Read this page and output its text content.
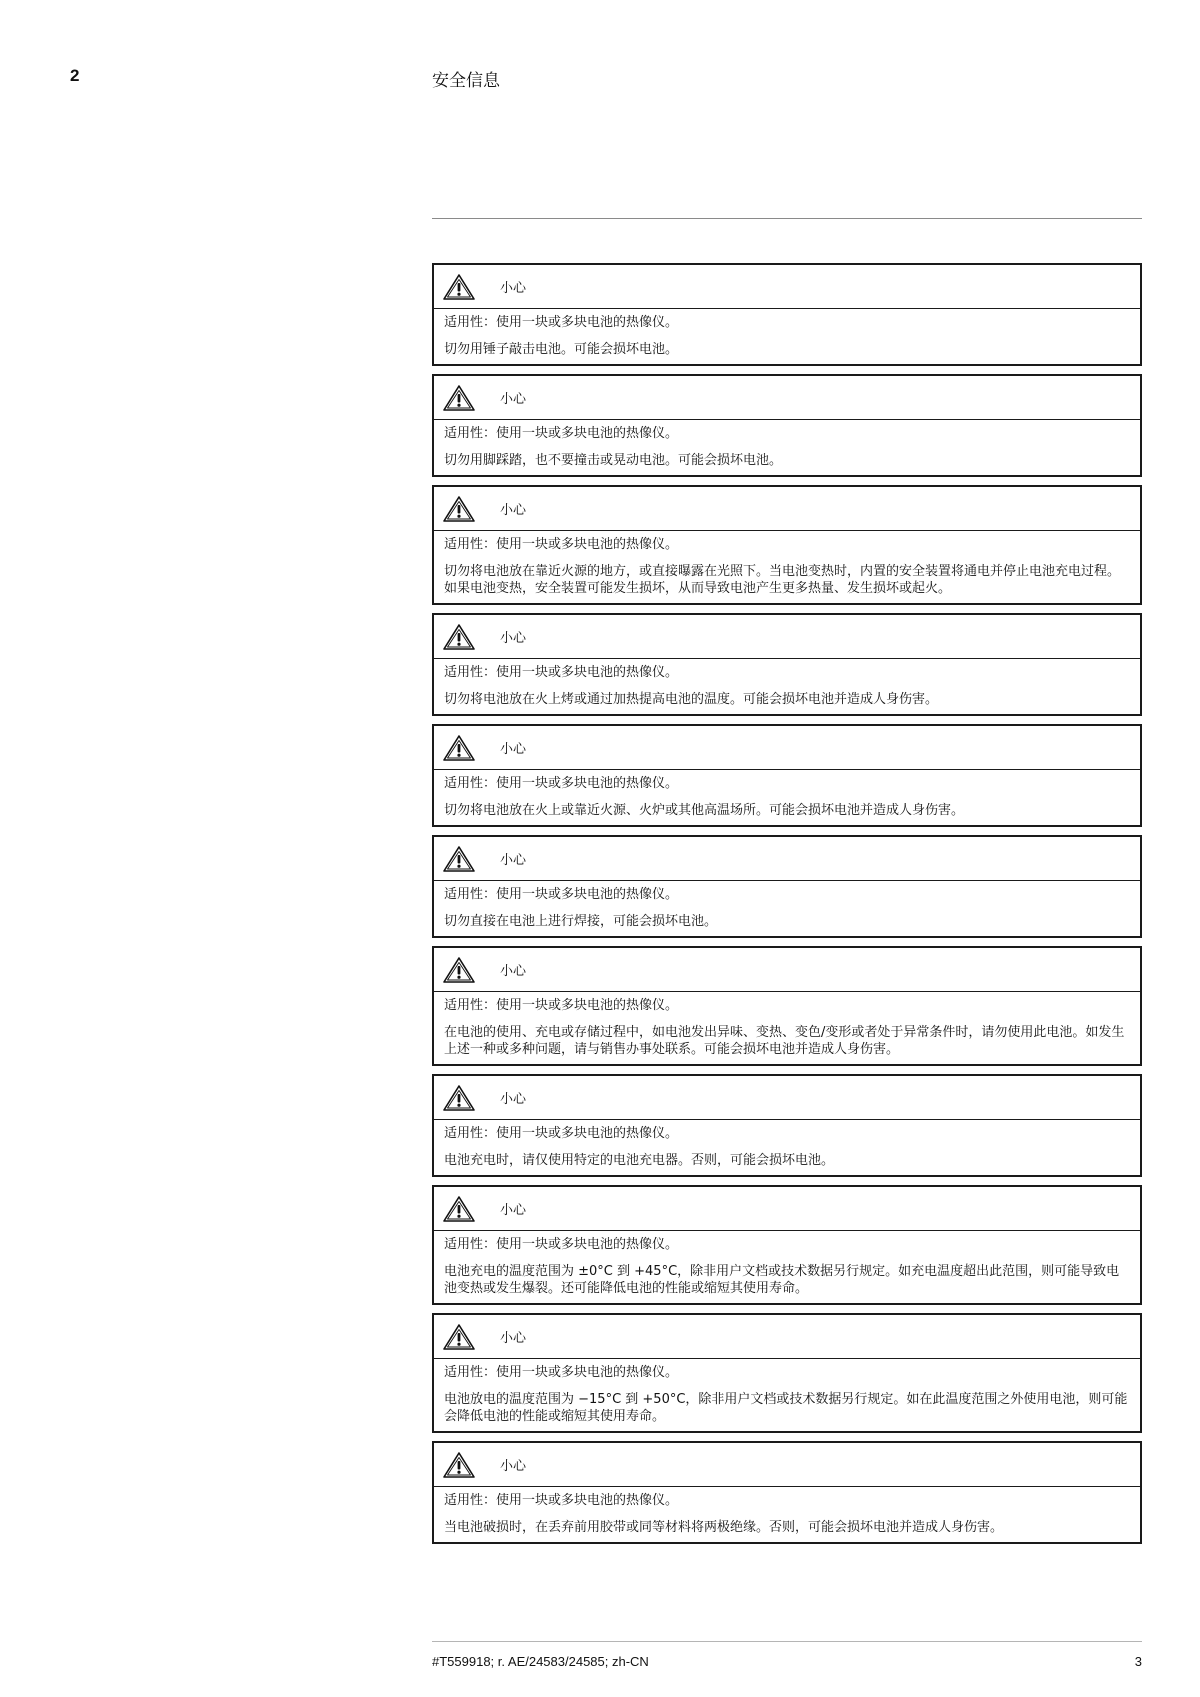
2	安全信息
小心
适用性：使用一块或多块电池的热像仪。
切勿用锤子敲击电池。可能会损坏电池。
小心
适用性：使用一块或多块电池的热像仪。
切勿用脚踩踏，也不要撞击或晃动电池。可能会损坏电池。
小心
适用性：使用一块或多块电池的热像仪。
切勿将电池放在靠近火源的地方，或直接曝露在光照下。当电池变热时，内置的安全装置将通电并停止电池充电过程。如果电池变热，安全装置可能发生损坏，从而导致电池产生更多热量、发生损坏或起火。
小心
适用性：使用一块或多块电池的热像仪。
切勿将电池放在火上烤或通过加热提高电池的温度。可能会损坏电池并造成人身伤害。
小心
适用性：使用一块或多块电池的热像仪。
切勿将电池放在火上或靠近火源、火炉或其他高温场所。可能会损坏电池并造成人身伤害。
小心
适用性：使用一块或多块电池的热像仪。
切勿直接在电池上进行焊接，可能会损坏电池。
小心
适用性：使用一块或多块电池的热像仪。
在电池的使用、充电或存储过程中，如电池发出异味、变热、变色/变形或者处于异常条件时，请勿使用此电池。如发生上述一种或多种问题，请与销售办事处联系。可能会损坏电池并造成人身伤害。
小心
适用性：使用一块或多块电池的热像仪。
电池充电时，请仅使用特定的电池充电器。否则，可能会损坏电池。
小心
适用性：使用一块或多块电池的热像仪。
电池充电的温度范围为 ±0°C 到 +45°C，除非用户文档或技术数据另行规定。如充电温度超出此范围，则可能导致电池变热或发生爆裂。还可能降低电池的性能或缩短其使用寿命。
小心
适用性：使用一块或多块电池的热像仪。
电池放电的温度范围为 −15°C 到 +50°C，除非用户文档或技术数据另行规定。如在此温度范围之外使用电池，则可能会降低电池的性能或缩短其使用寿命。
小心
适用性：使用一块或多块电池的热像仪。
当电池破损时，在丢弃前用胶带或同等材料将两极绝缘。否则，可能会损坏电池并造成人身伤害。
#T559918; r. AE/24583/24585; zh-CN	3
